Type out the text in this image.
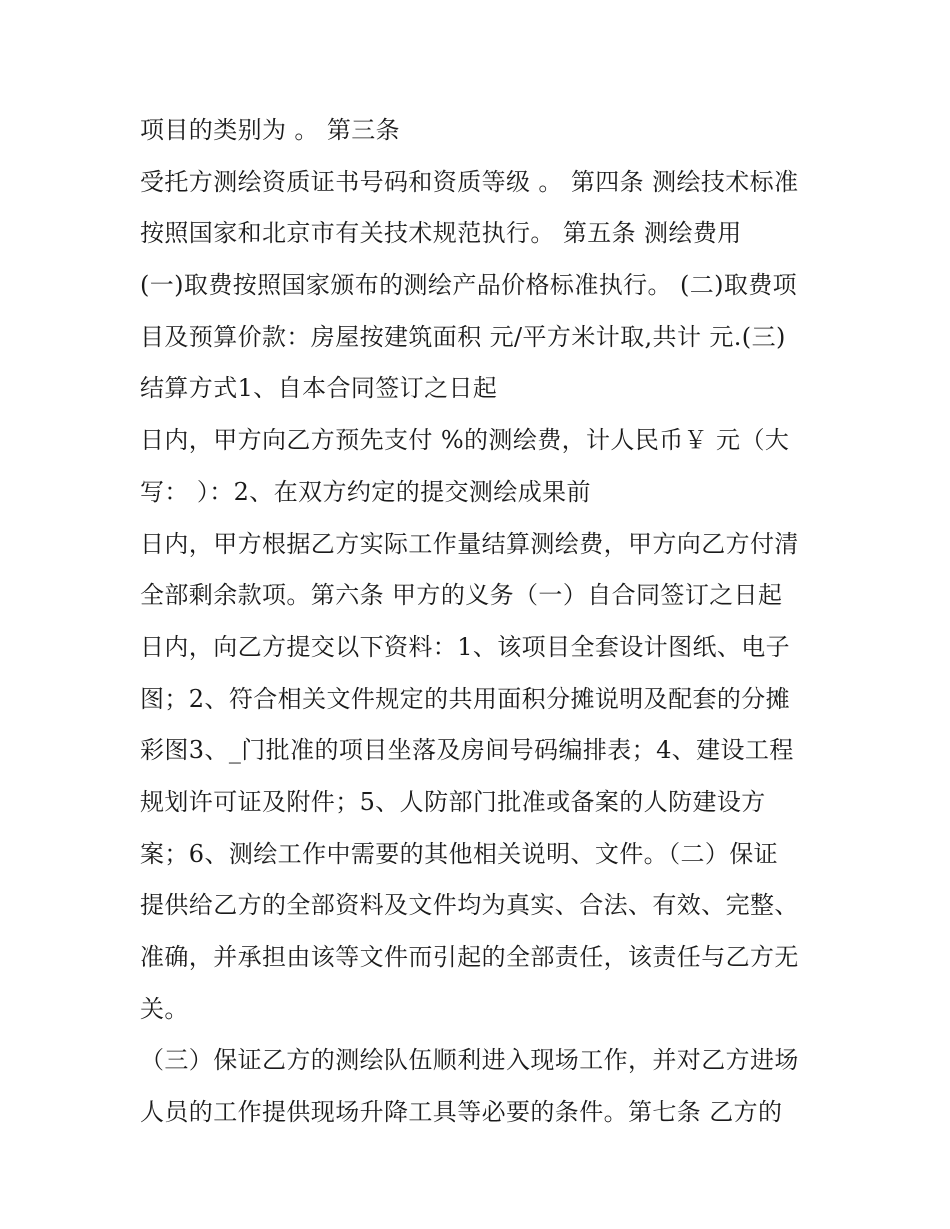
项目的类别为 。 第三条
受托方测绘资质证书号码和资质等级 。 第四条 测绘技术标准
按照国家和北京市有关技术规范执行。 第五条 测绘费用
(一)取费按照国家颁布的测绘产品价格标准执行。 (二)取费项
目及预算价款：房屋按建筑面积 元/平方米计取,共计 元.(三)
结算方式1、自本合同签订之日起
日内，甲方向乙方预先支付 %的测绘费，计人民币￥ 元（大
写： ）：2、在双方约定的提交测绘成果前
日内，甲方根据乙方实际工作量结算测绘费，甲方向乙方付清
全部剩余款项。第六条 甲方的义务（一）自合同签订之日起
日内，向乙方提交以下资料：1、该项目全套设计图纸、电子
图；2、符合相关文件规定的共用面积分摊说明及配套的分摊
彩图3、_门批准的项目坐落及房间号码编排表；4、建设工程
规划许可证及附件；5、人防部门批准或备案的人防建设方
案；6、测绘工作中需要的其他相关说明、文件。（二）保证
提供给乙方的全部资料及文件均为真实、合法、有效、完整、
准确，并承担由该等文件而引起的全部责任，该责任与乙方无
关。
（三）保证乙方的测绘队伍顺利进入现场工作，并对乙方进场
人员的工作提供现场升降工具等必要的条件。第七条 乙方的
